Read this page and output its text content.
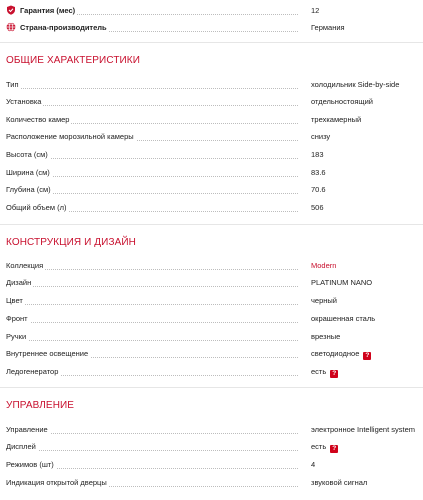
Гарантия (мес)	12
Страна-производитель	Германия
ОБЩИЕ ХАРАКТЕРИСТИКИ
Тип	холодильник Side-by-side
Установка	отдельностоящий
Количество камер	трехкамерный
Расположение морозильной камеры	снизу
Высота (см)	183
Ширина (см)	83.6
Глубина (см)	70.6
Общий объем (л)	506
КОНСТРУКЦИЯ И ДИЗАЙН
Коллекция	Modern
Дизайн	PLATINUM NANO
Цвет	черный
Фронт	окрашенная сталь
Ручки	врезные
Внутреннее освещение	светодиодное ?
Ледогенератор	есть ?
УПРАВЛЕНИЕ
Управление	электронное Intelligent system
Дисплей	есть ?
Режимов (шт)	4
Индикация открытой дверцы	звуковой сигнал
